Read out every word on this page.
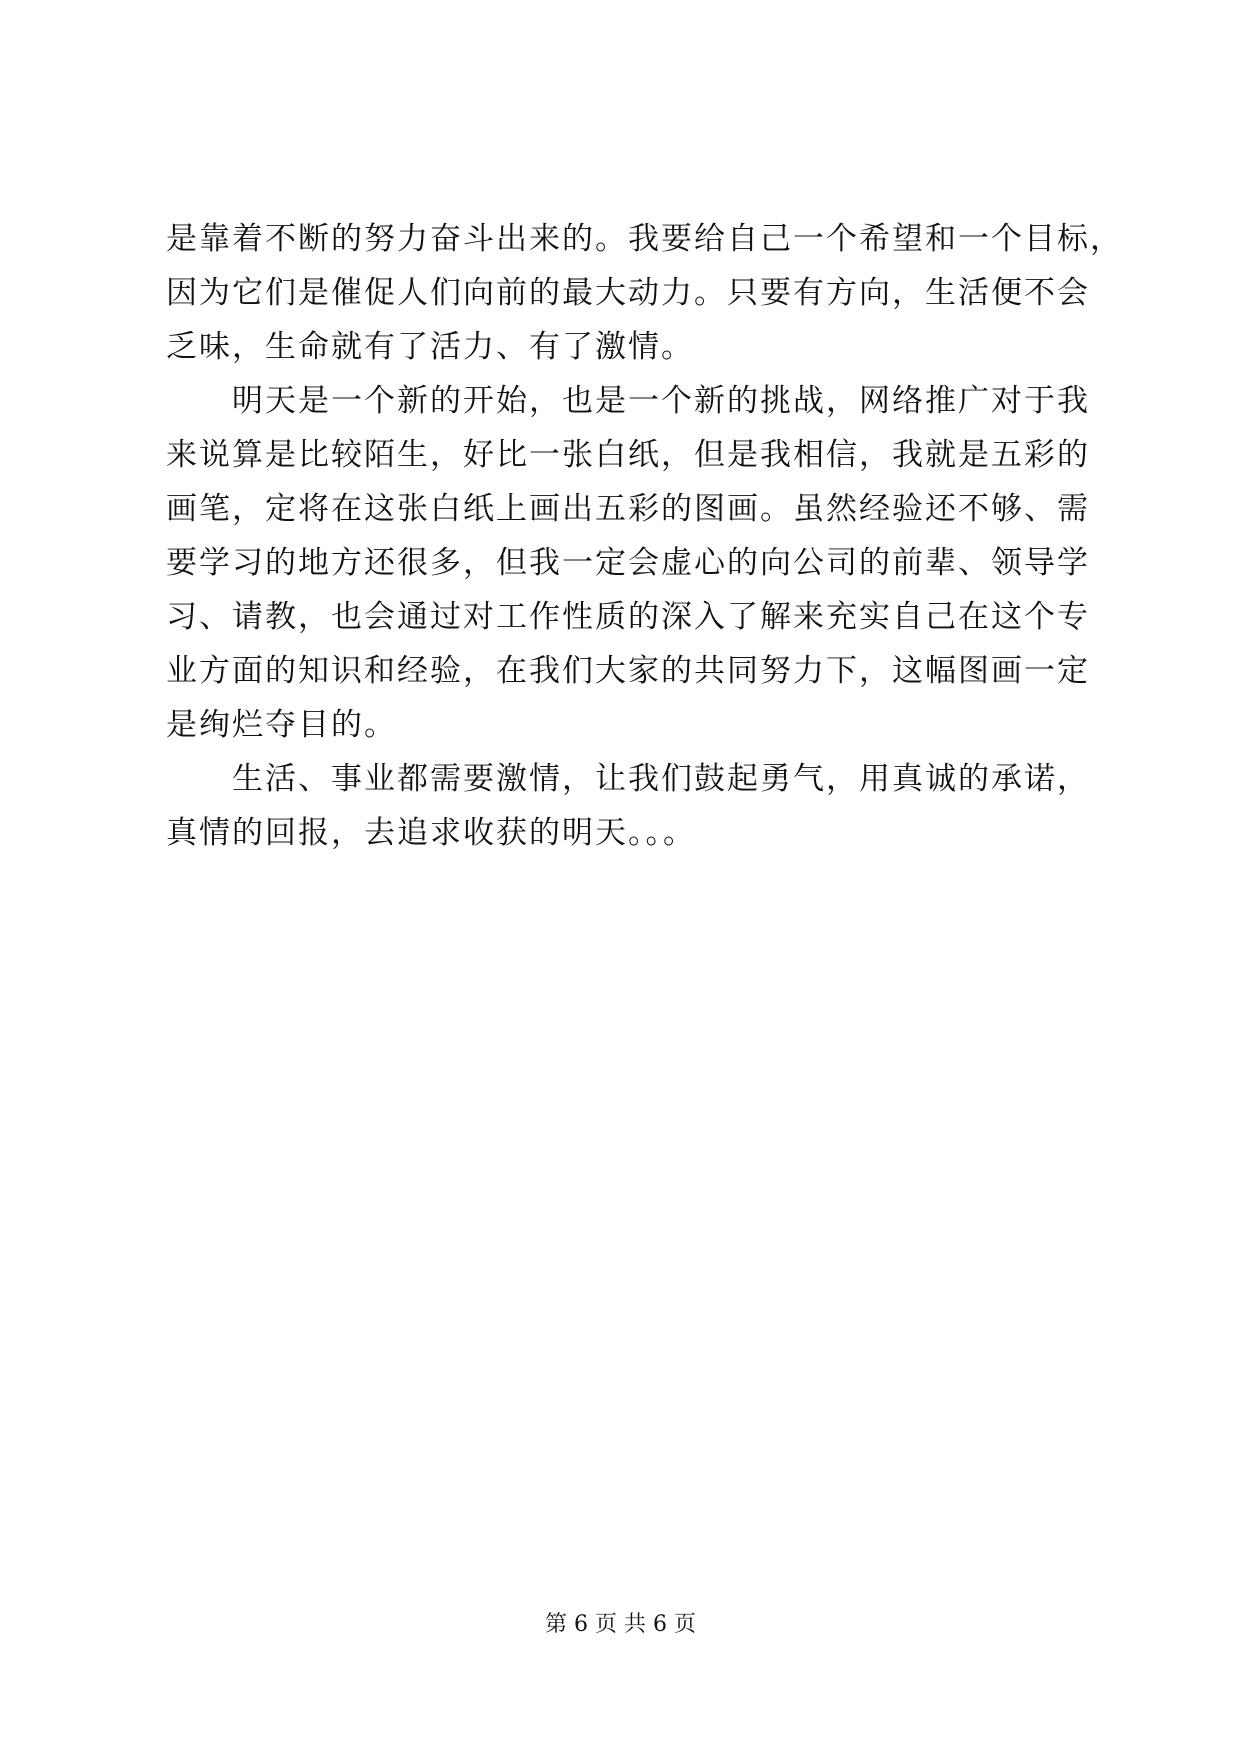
是靠着不断的努力奋斗出来的。我要给自己一个希望和一个目标，
因为它们是催促人们向前的最大动力。只要有方向，生活便不会
乏味，生命就有了活力、有了激情。
明天是一个新的开始，也是一个新的挑战，网络推广对于我
来说算是比较陌生，好比一张白纸，但是我相信，我就是五彩的
画笔，定将在这张白纸上画出五彩的图画。虽然经验还不够、需
要学习的地方还很多，但我一定会虚心的向公司的前辈、领导学
习、请教，也会通过对工作性质的深入了解来充实自己在这个专
业方面的知识和经验，在我们大家的共同努力下，这幅图画一定
是绚烂夺目的。
生活、事业都需要激情，让我们鼓起勇气，用真诚的承诺，
真情的回报，去追求收获的明天。。。
第 6 页 共 6 页
